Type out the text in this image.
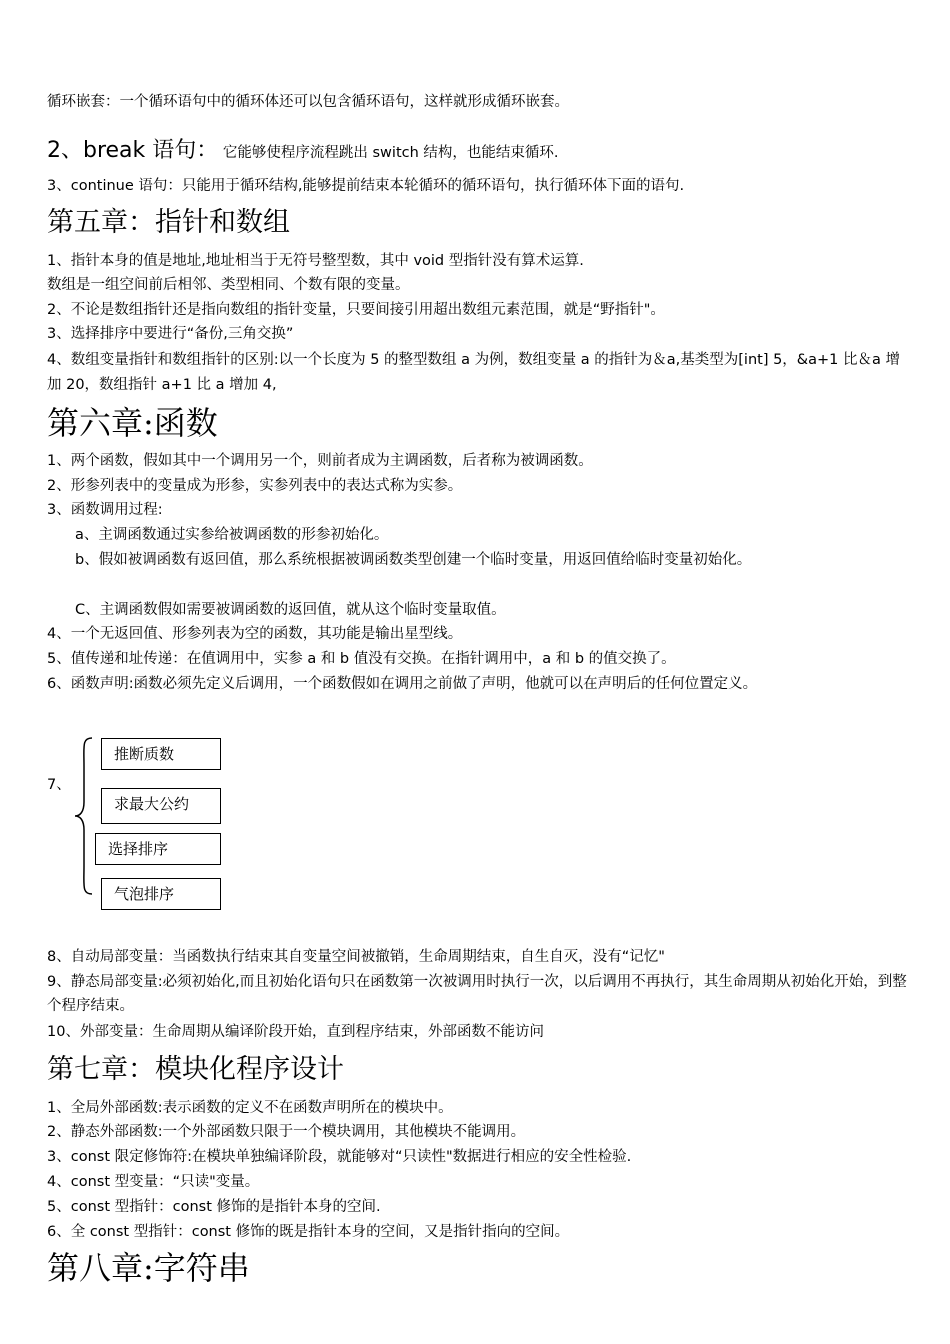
循环嵌套：一个循环语句中的循环体还可以包含循环语句，这样就形成循环嵌套。
2、break 语句： 它能够使程序流程跳出 switch 结构，也能结束循环.
3、continue 语句：只能用于循环结构,能够提前结束本轮循环的循环语句，执行循环体下面的语句.
第五章：指针和数组
1、指针本身的值是地址,地址相当于无符号整型数，其中 void 型指针没有算术运算.
数组是一组空间前后相邻、类型相同、个数有限的变量。
2、不论是数组指针还是指向数组的指针变量，只要间接引用超出数组元素范围，就是“野指针"。
3、选择排序中要进行“备份,三角交换”
4、数组变量指针和数组指针的区别:以一个长度为 5 的整型数组 a 为例，数组变量 a 的指针为＆a,基类型为[int] 5，&a+1 比＆a 增加 20，数组指针 a+1 比 a 增加 4,
第六章:函数
1、两个函数，假如其中一个调用另一个，则前者成为主调函数，后者称为被调函数。
2、形参列表中的变量成为形参，实参列表中的表达式称为实参。
3、函数调用过程:
a、主调函数通过实参给被调函数的形参初始化。
b、假如被调函数有返回值，那么系统根据被调函数类型创建一个临时变量，用返回值给临时变量初始化。
C、主调函数假如需要被调函数的返回值，就从这个临时变量取值。
4、一个无返回值、形参列表为空的函数，其功能是输出星型线。
5、值传递和址传递：在值调用中，实参 a 和 b 值没有交换。在指针调用中，a 和 b 的值交换了。
6、函数声明:函数必须先定义后调用，一个函数假如在调用之前做了声明，他就可以在声明后的任何位置定义。
7、
推断质数
求最大公约
选择排序
气泡排序
8、自动局部变量：当函数执行结束其自变量空间被撤销，生命周期结束，自生自灭，没有“记忆"
9、静态局部变量:必须初始化,而且初始化语句只在函数第一次被调用时执行一次，以后调用不再执行，其生命周期从初始化开始，到整个程序结束。
10、外部变量：生命周期从编译阶段开始，直到程序结束，外部函数不能访问
第七章：模块化程序设计
1、全局外部函数:表示函数的定义不在函数声明所在的模块中。
2、静态外部函数:一个外部函数只限于一个模块调用，其他模块不能调用。
3、const 限定修饰符:在模块单独编译阶段，就能够对“只读性"数据进行相应的安全性检验.
4、const 型变量：“只读"变量。
5、const 型指针：const 修饰的是指针本身的空间.
6、全 const 型指针：const 修饰的既是指针本身的空间，又是指针指向的空间。
第八章:字符串
